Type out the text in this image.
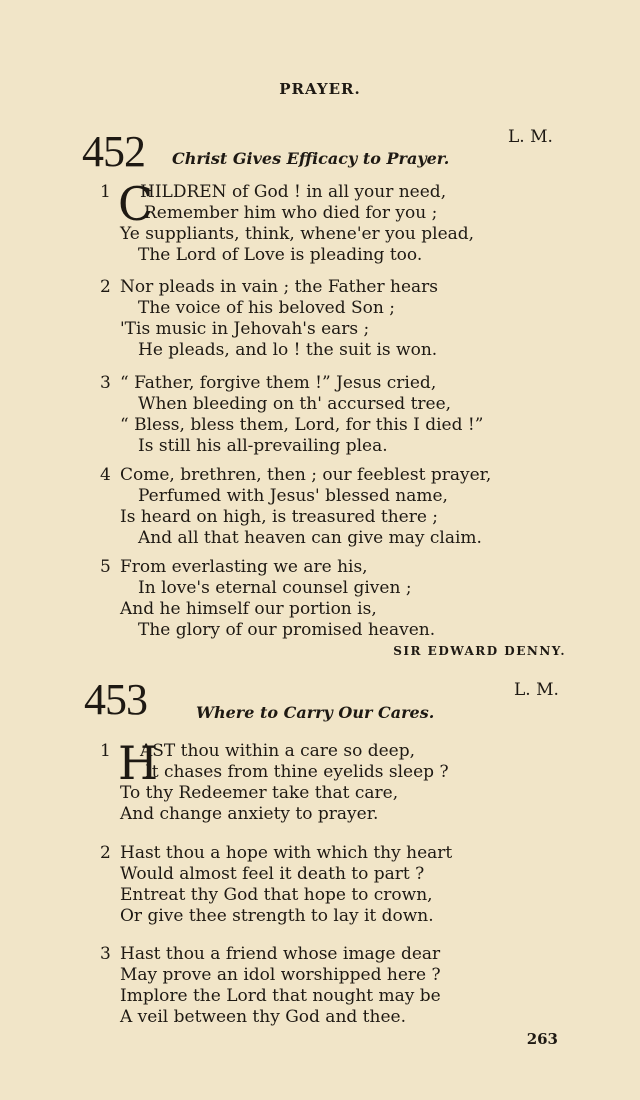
PRAYER.
452	L. M.
Christ Gives Efficacy to Prayer.
1 C
HILDREN of God ! in all your need,
Remember him who died for you ;
Ye suppliants, think, whene'er you plead,
The Lord of Love is pleading too.
2 Nor pleads in vain ; the Father hears
The voice of his beloved Son ;
'Tis music in Jehovah's ears ;
He pleads, and lo ! the suit is won.
3 “ Father, forgive them !” Jesus cried,
When bleeding on th' accursed tree,
“ Bless, bless them, Lord, for this I died !”
Is still his all-prevailing plea.
4 Come, brethren, then ; our feeblest prayer,
Perfumed with Jesus' blessed name,
Is heard on high, is treasured there ;
And all that heaven can give may claim.
5 From everlasting we are his,
In love's eternal counsel given ;
And he himself our portion is,
The glory of our promised heaven.
SIR EDWARD DENNY.
453	L. M.
Where to Carry Our Cares.
1 H
AST thou within a care so deep,
It chases from thine eyelids sleep ?
To thy Redeemer take that care,
And change anxiety to prayer.
2 Hast thou a hope with which thy heart
Would almost feel it death to part ?
Entreat thy God that hope to crown,
Or give thee strength to lay it down.
3 Hast thou a friend whose image dear
May prove an idol worshipped here ?
Implore the Lord that nought may be
A veil between thy God and thee.
263
